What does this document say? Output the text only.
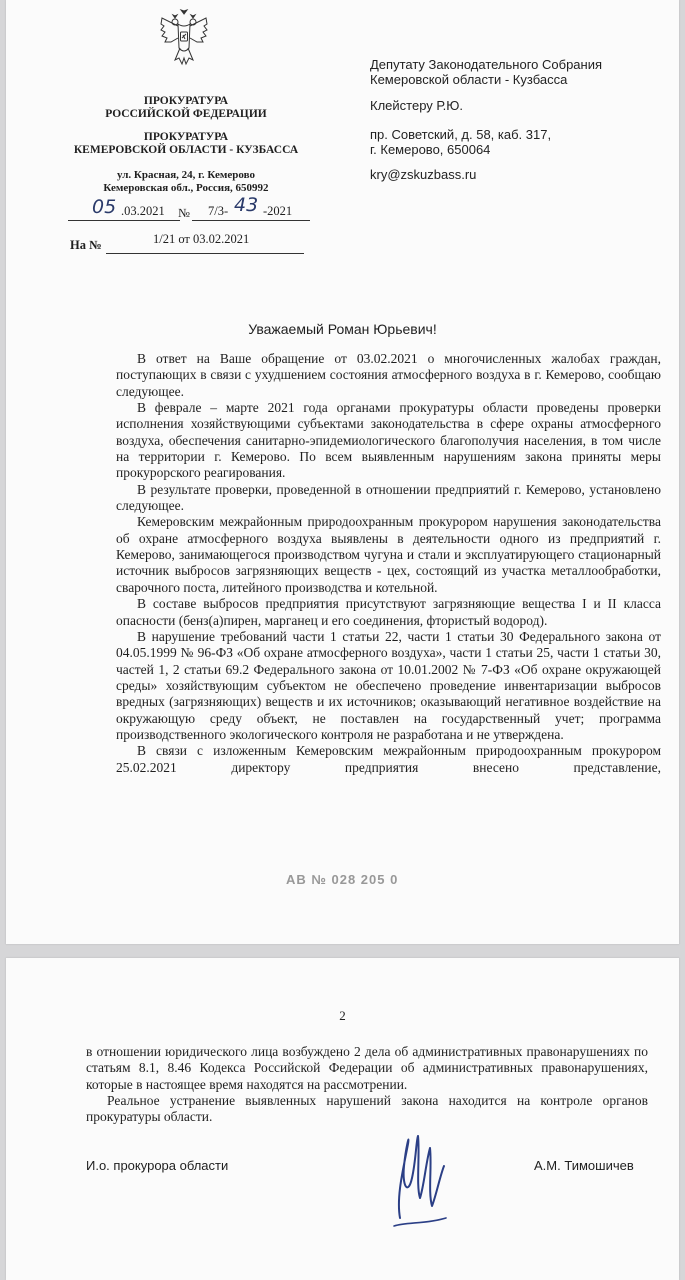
ПРОКУРАТУРА
РОССИЙСКОЙ ФЕДЕРАЦИИ
ПРОКУРАТУРА
КЕМЕРОВСКОЙ ОБЛАСТИ - КУЗБАССА
ул. Красная, 24, г. Кемерово
Кемеровская обл., Россия, 650992
05 .03.2021 № 7/3- 43 -2021
На №	1/21 от 03.02.2021
Депутату Законодательного Собрания
Кемеровской области - Кузбасса
Клейстеру Р.Ю.
пр. Советский, д. 58, каб. 317,
г. Кемерово, 650064
kry@zskuzbass.ru
Уважаемый Роман Юрьевич!

В ответ на Ваше обращение от 03.02.2021 о многочисленных жалобах граждан, поступающих в связи с ухудшением состояния атмосферного воздуха в г. Кемерово, сообщаю следующее.

В феврале – марте 2021 года органами прокуратуры области проведены проверки исполнения хозяйствующими субъектами законодательства в сфере охраны атмосферного воздуха, обеспечения санитарно-эпидемиологического благополучия населения, в том числе на территории г. Кемерово. По всем выявленным нарушениям закона приняты меры прокурорского реагирования.

В результате проверки, проведенной в отношении предприятий г. Кемерово, установлено следующее.

Кемеровским межрайонным природоохранным прокурором нарушения законодательства об охране атмосферного воздуха выявлены в деятельности одного из предприятий г. Кемерово, занимающегося производством чугуна и стали и эксплуатирующего стационарный источник выбросов загрязняющих веществ - цех, состоящий из участка металлообработки, сварочного поста, литейного производства и котельной.

В составе выбросов предприятия присутствуют загрязняющие вещества I и II класса опасности (бенз(а)пирен, марганец и его соединения, фтористый водород).

В нарушение требований части 1 статьи 22, части 1 статьи 30 Федерального закона от 04.05.1999 № 96-ФЗ «Об охране атмосферного воздуха», части 1 статьи 25, части 1 статьи 30, частей 1, 2 статьи 69.2 Федерального закона от 10.01.2002 № 7-ФЗ «Об охране окружающей среды» хозяйствующим субъектом не обеспечено проведение инвентаризации выбросов вредных (загрязняющих) веществ и их источников; оказывающий негативное воздействие на окружающую среду объект, не поставлен на государственный учет; программа производственного экологического контроля не разработана и не утверждена.

В связи с изложенным Кемеровским межрайонным природоохранным прокурором 25.02.2021 директору предприятия внесено представление,

АВ № 028 205 0
2

в отношении юридического лица возбуждено 2 дела об административных правонарушениях по статьям 8.1, 8.46 Кодекса Российской Федерации об административных правонарушениях, которые в настоящее время находятся на рассмотрении.

Реальное устранение выявленных нарушений закона находится на контроле органов прокуратуры области.

И.о. прокурора области	А.М. Тимошичев
